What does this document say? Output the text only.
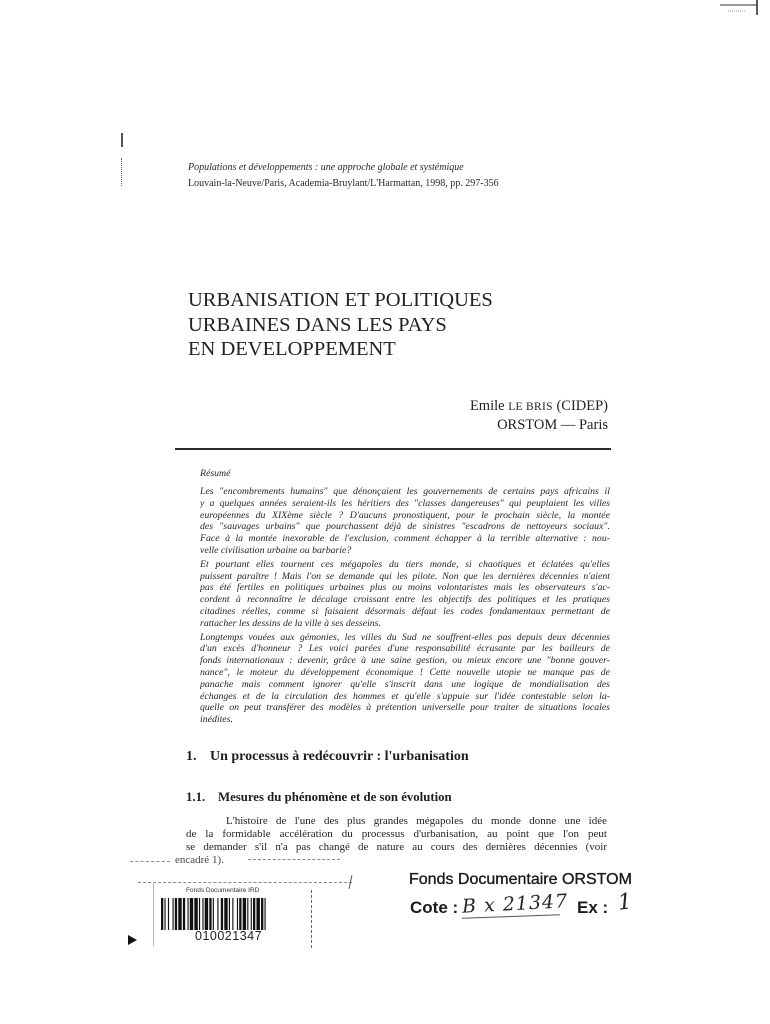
Populations et développements : une approche globale et systémique
Louvain-la-Neuve/Paris, Academia-Bruylant/L'Harmattan, 1998, pp. 297-356
URBANISATION ET POLITIQUES
URBAINES DANS LES PAYS
EN DEVELOPPEMENT
Emile LE BRIS (CIDEP)
ORSTOM — Paris
Résumé
Les "encombrements humains" que dénonçaient les gouvernements de certains pays africains il
y a quelques années seraient-ils les héritiers des "classes dangereuses" qui peuplaient les villes
européennes du XIXème siècle ? D'aucuns pronostiquent, pour le prochain siècle, la montée
des "sauvages urbains" que pourchassent déjà de sinistres "escadrons de nettoyeurs sociaux".
Face à la montée inexorable de l'exclusion, comment échapper à la terrible alternative : nou-
velle civilisation urbaine ou barbarie?
Et pourtant elles tournent ces mégapoles du tiers monde, si chaotiques et éclatées qu'elles
puissent paraître ! Mais l'on se demande qui les pilote. Non que les dernières décennies n'aient
pas été fertiles en politiques urbaines plus ou moins volontaristes mais les observateurs s'ac-
cordent à reconnaître le décalage croissant entre les objectifs des politiques et les pratiques
citadines réelles, comme si faisaient désormais défaut les codes fondamentaux permettant de
rattacher les dessins de la ville à ses desseins.
Longtemps vouées aux gémonies, les villes du Sud ne souffrent-elles pas depuis deux décennies
d'un excès d'honneur ? Les voici parées d'une responsabilité écrasante par les bailleurs de
fonds internationaux : devenir, grâce à une saine gestion, ou mieux encore une "bonne gouver-
nance", le moteur du développement économique ! Cette nouvelle utopie ne manque pas de
panache mais comment ignorer qu'elle s'inscrit dans une logique de mondialisation des
échanges et de la circulation des hommes et qu'elle s'appuie sur l'idée contestable selon la-
quelle on peut transférer des modèles à prétention universelle pour traiter de situations locales
inédites.
1. Un processus à redécouvrir : l'urbanisation
1.1. Mesures du phénomène et de son évolution
L'histoire de l'une des plus grandes mégapoles du monde donne une idée
de la formidable accélération du processus d'urbanisation, au point que l'on peut
se demander s'il n'a pas changé de nature au cours des dernières décennies (voir
encadré 1).
Fonds Documentaire IRD
010021347
Fonds Documentaire ORSTOM
Cote : B x 21347 Ex : 1
